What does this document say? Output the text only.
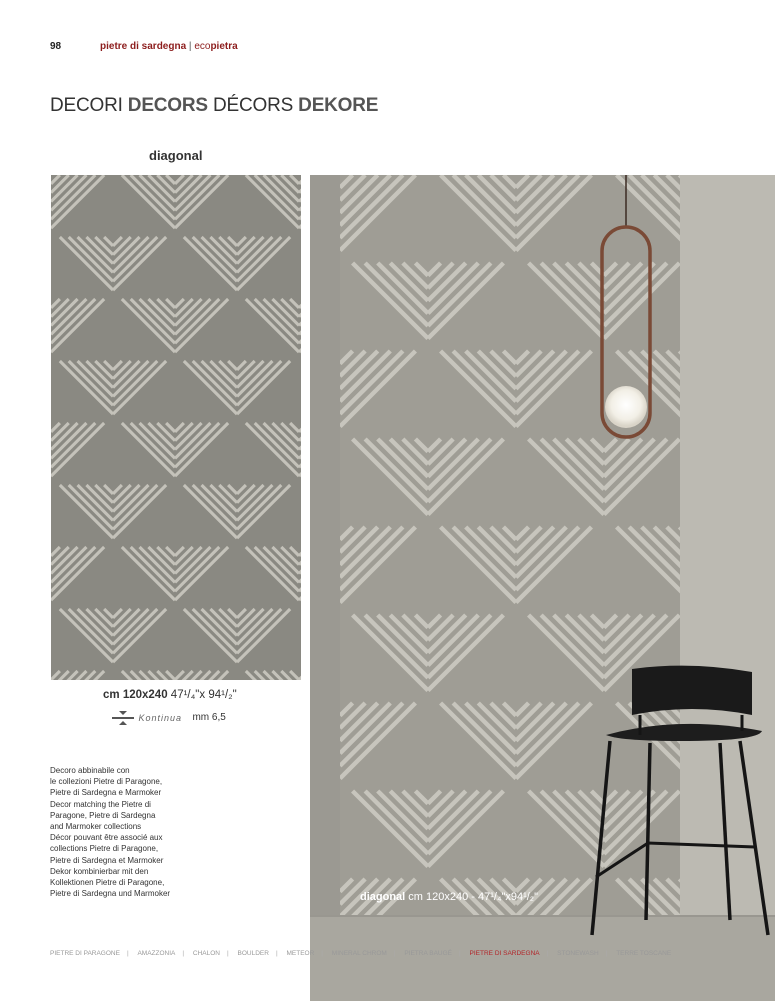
98	pietre di sardegna | ecopietra
DECORI DECORS DÉCORS DEKORE
diagonal
cm 120x240 47¹/₄"x 94¹/₂"
Kontinua mm 6,5

Decoro abbinabile con

le collezioni Pietre di Paragone,

Pietre di Sardegna e Marmoker

Decor matching the Pietre di

Paragone, Pietre di Sardegna

and Marmoker collections

Décor pouvant être associé aux

collections Pietre di Paragone,

Pietre di Sardegna et Marmoker

Dekor kombinierbar mit den

Kollektionen Pietre di Paragone,

Pietre di Sardegna und Marmoker	diagonal cm 120x240 - 47¹/₄"x94¹/₂"
PIETRE DI PARAGONE | AMAZZONIA | CHALON | BOULDER | METEOR | MINERAL CHROM | PIETRA BAUGÉ | PIETRE DI SARDEGNA | STONEWASH | TERRE TOSCANE
